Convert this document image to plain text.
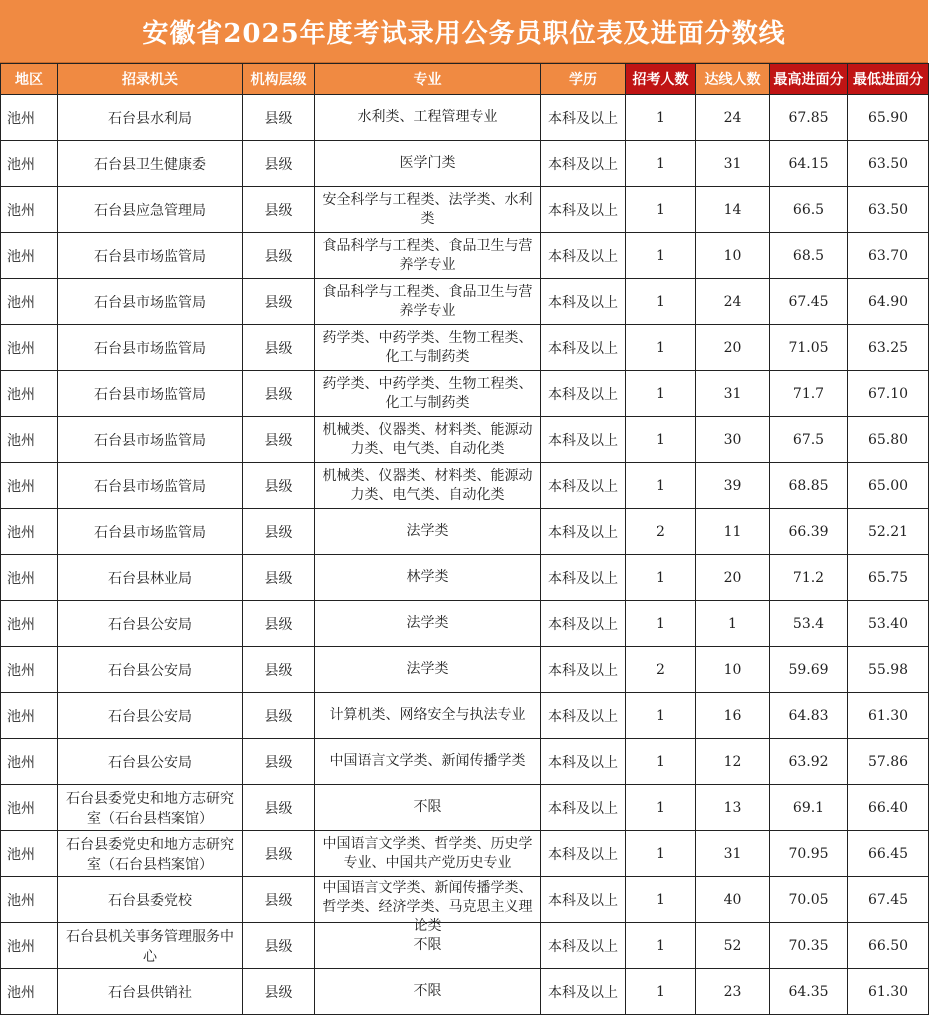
安徽省2025年度考试录用公务员职位表及进面分数线
地区	招录机关	机构层级	专业	学历	招考人数	达线人数	最高进面分	最低进面分
池州	石台县水利局	县级	水利类、工程管理专业	本科及以上	1	24	67.85	65.90
池州	石台县卫生健康委	县级	医学门类	本科及以上	1	31	64.15	63.50
池州	石台县应急管理局	县级	安全科学与工程类、法学类、水利类	本科及以上	1	14	66.5	63.50
池州	石台县市场监管局	县级	食品科学与工程类、食品卫生与营养学专业	本科及以上	1	10	68.5	63.70
池州	石台县市场监管局	县级	食品科学与工程类、食品卫生与营养学专业	本科及以上	1	24	67.45	64.90
池州	石台县市场监管局	县级	药学类、中药学类、生物工程类、化工与制药类	本科及以上	1	20	71.05	63.25
池州	石台县市场监管局	县级	药学类、中药学类、生物工程类、化工与制药类	本科及以上	1	31	71.7	67.10
池州	石台县市场监管局	县级	机械类、仪器类、材料类、能源动力类、电气类、自动化类	本科及以上	1	30	67.5	65.80
池州	石台县市场监管局	县级	机械类、仪器类、材料类、能源动力类、电气类、自动化类	本科及以上	1	39	68.85	65.00
池州	石台县市场监管局	县级	法学类	本科及以上	2	11	66.39	52.21
池州	石台县林业局	县级	林学类	本科及以上	1	20	71.2	65.75
池州	石台县公安局	县级	法学类	本科及以上	1	1	53.4	53.40
池州	石台县公安局	县级	法学类	本科及以上	2	10	59.69	55.98
池州	石台县公安局	县级	计算机类、网络安全与执法专业	本科及以上	1	16	64.83	61.30
池州	石台县公安局	县级	中国语言文学类、新闻传播学类	本科及以上	1	12	63.92	57.86
池州	石台县委党史和地方志研究室（石台县档案馆）	县级	不限	本科及以上	1	13	69.1	66.40
池州	石台县委党史和地方志研究室（石台县档案馆）	县级	中国语言文学类、哲学类、历史学专业、中国共产党历史专业	本科及以上	1	31	70.95	66.45
池州	石台县委党校	县级	中国语言文学类、新闻传播学类、哲学类、经济学类、马克思主义理论类	本科及以上	1	40	70.05	67.45
池州	石台县机关事务管理服务中心	县级	不限	本科及以上	1	52	70.35	66.50
池州	石台县供销社	县级	不限	本科及以上	1	23	64.35	61.30
